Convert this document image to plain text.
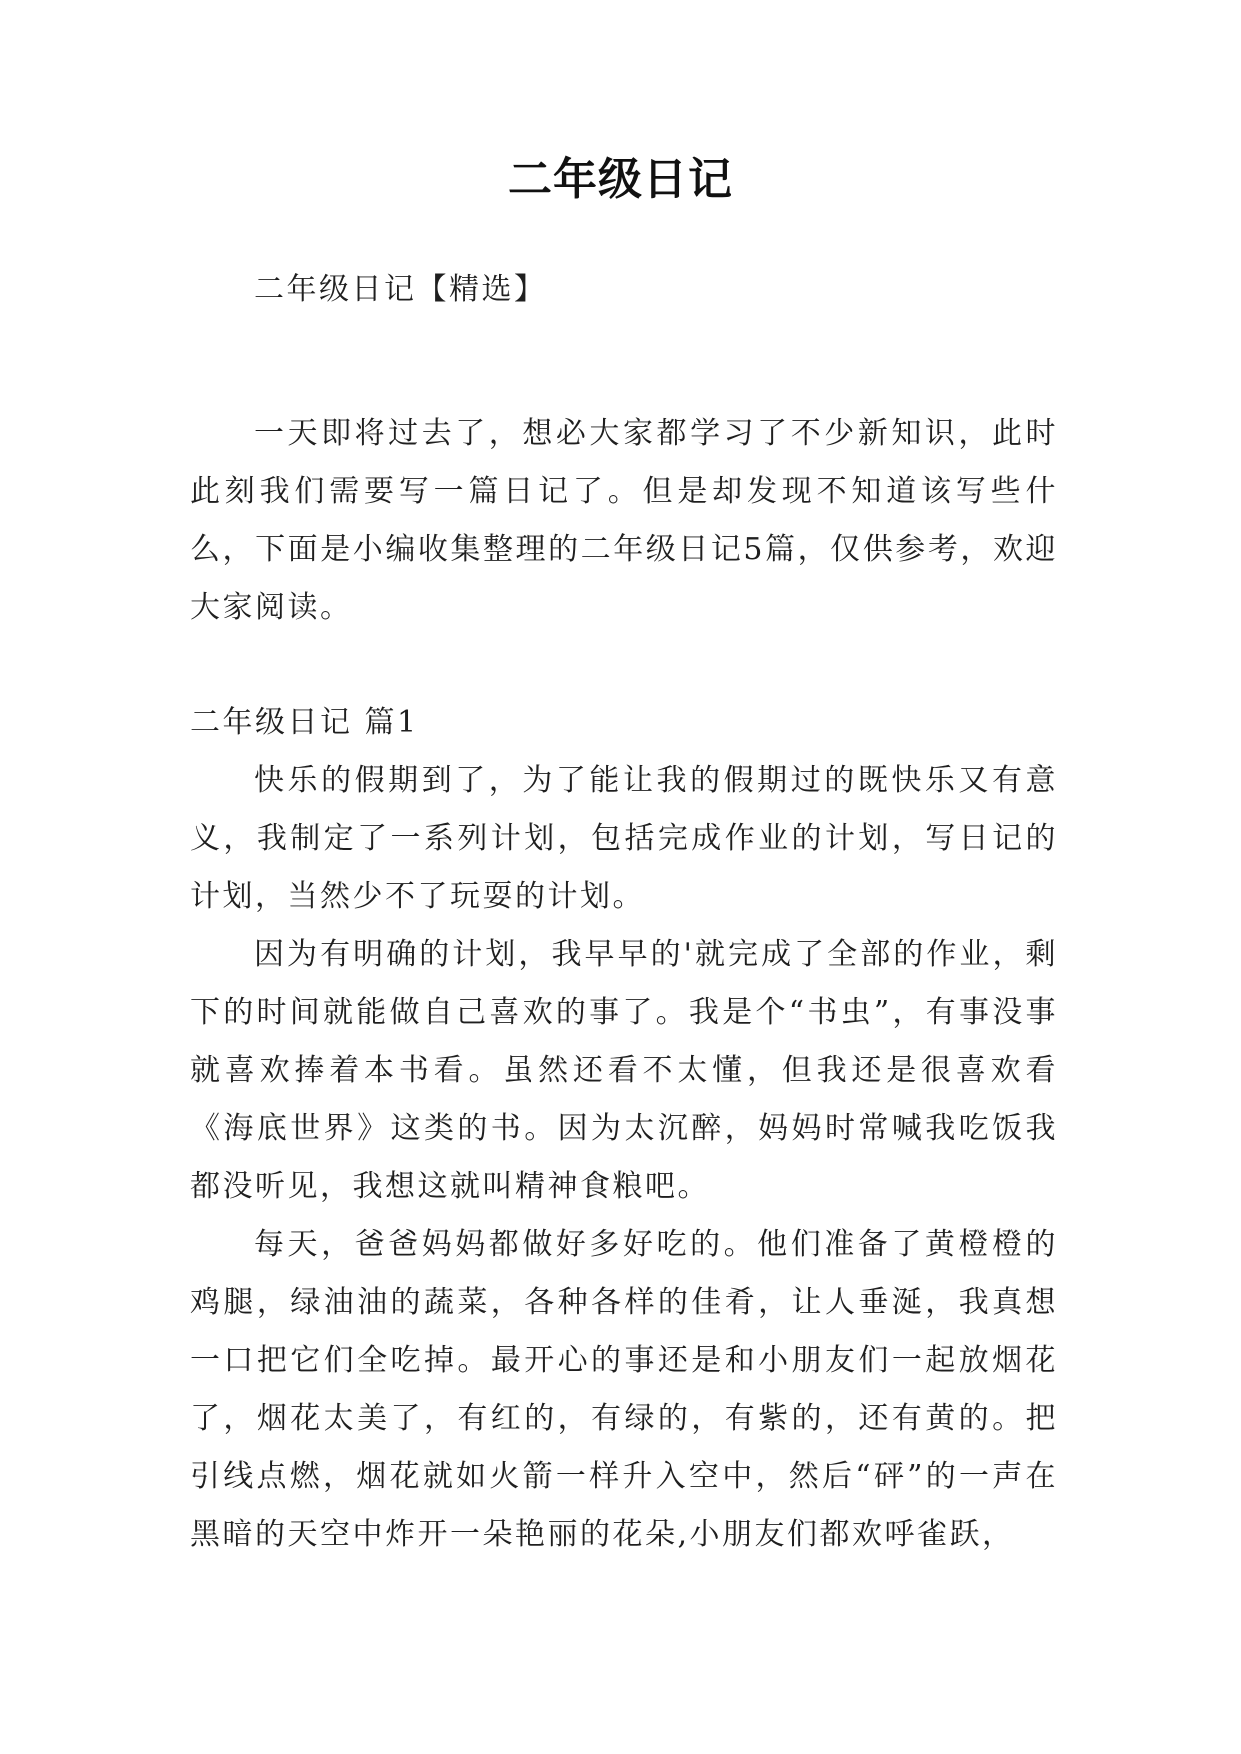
二年级日记
二年级日记【精选】
一天即将过去了，想必大家都学习了不少新知识，此时此刻我们需要写一篇日记了。但是却发现不知道该写些什么，下面是小编收集整理的二年级日记5篇，仅供参考，欢迎大家阅读。
二年级日记 篇1

快乐的假期到了，为了能让我的假期过的既快乐又有意义，我制定了一系列计划，包括完成作业的计划，写日记的计划，当然少不了玩耍的计划。

因为有明确的计划，我早早的'就完成了全部的作业，剩下的时间就能做自己喜欢的事了。我是个“书虫”，有事没事就喜欢捧着本书看。虽然还看不太懂，但我还是很喜欢看《海底世界》这类的书。因为太沉醉，妈妈时常喊我吃饭我都没听见，我想这就叫精神食粮吧。

每天，爸爸妈妈都做好多好吃的。他们准备了黄橙橙的鸡腿，绿油油的蔬菜，各种各样的佳肴，让人垂涎，我真想一口把它们全吃掉。最开心的事还是和小朋友们一起放烟花了，烟花太美了，有红的，有绿的，有紫的，还有黄的。把引线点燃，烟花就如火箭一样升入空中，然后“砰”的一声在黑暗的天空中炸开一朵艳丽的花朵,小朋友们都欢呼雀跃，
